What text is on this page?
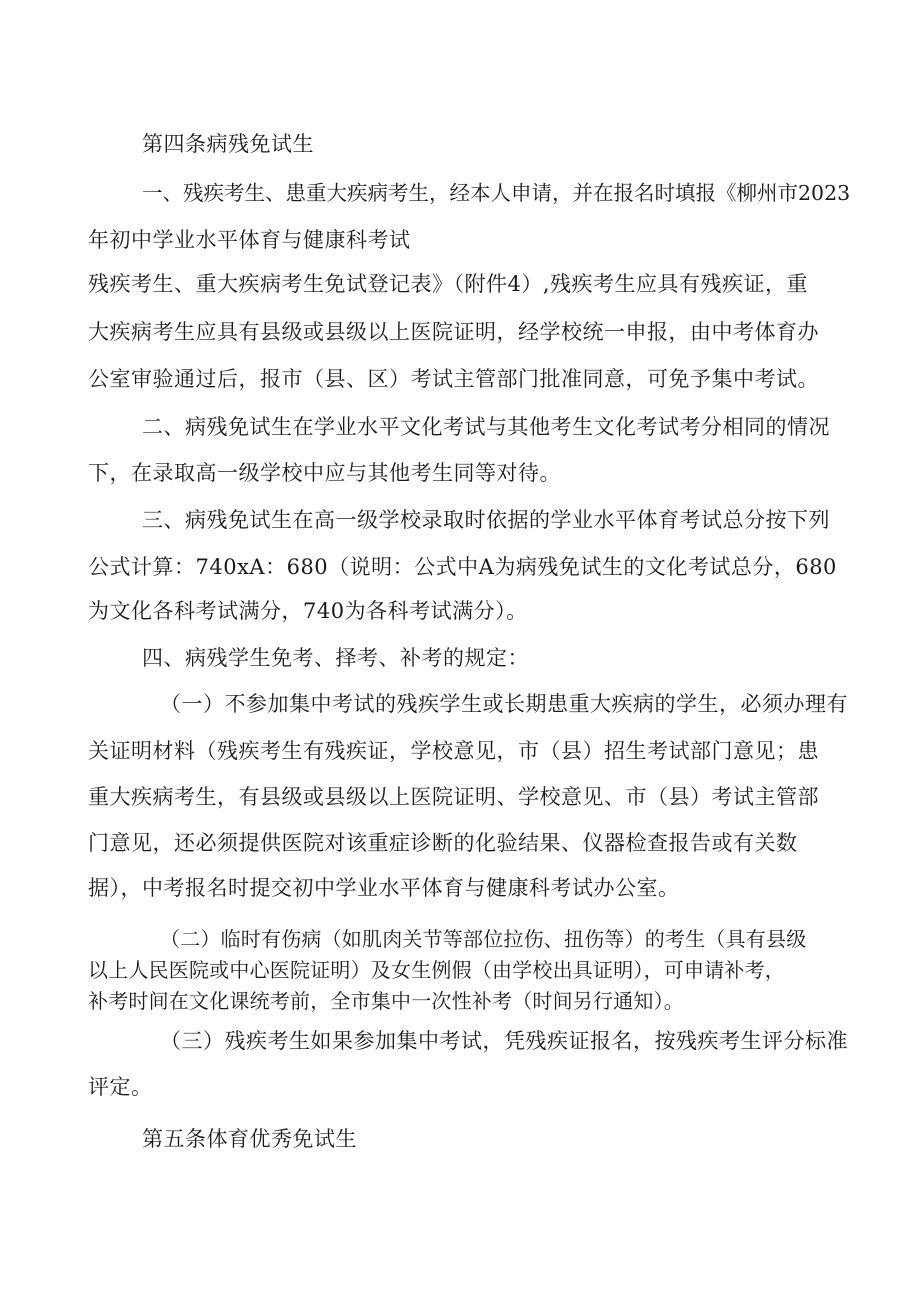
第四条病残免试生

一、残疾考生、患重大疾病考生，经本人申请，并在报名时填报《柳州市2023

年初中学业水平体育与健康科考试

残疾考生、重大疾病考生免试登记表》（附件4）,残疾考生应具有残疾证，重

大疾病考生应具有县级或县级以上医院证明，经学校统一申报，由中考体育办

公室审验通过后，报市（县、区）考试主管部门批准同意，可免予集中考试。

二、病残免试生在学业水平文化考试与其他考生文化考试考分相同的情况

下，在录取高一级学校中应与其他考生同等对待。

三、病残免试生在高一级学校录取时依据的学业水平体育考试总分按下列

公式计算：740xA：680（说明：公式中A为病残免试生的文化考试总分，680

为文化各科考试满分，740为各科考试满分）。

四、病残学生免考、择考、补考的规定：

（一）不参加集中考试的残疾学生或长期患重大疾病的学生，必须办理有

关证明材料（残疾考生有残疾证，学校意见，市（县）招生考试部门意见；患

重大疾病考生，有县级或县级以上医院证明、学校意见、市（县）考试主管部

门意见，还必须提供医院对该重症诊断的化验结果、仪器检查报告或有关数

据），中考报名时提交初中学业水平体育与健康科考试办公室。

（二）临时有伤病（如肌肉关节等部位拉伤、扭伤等）的考生（具有县级

以上人民医院或中心医院证明）及女生例假（由学校出具证明），可申请补考，

补考时间在文化课统考前，全市集中一次性补考（时间另行通知）。

（三）残疾考生如果参加集中考试，凭残疾证报名，按残疾考生评分标准

评定。

第五条体育优秀免试生
